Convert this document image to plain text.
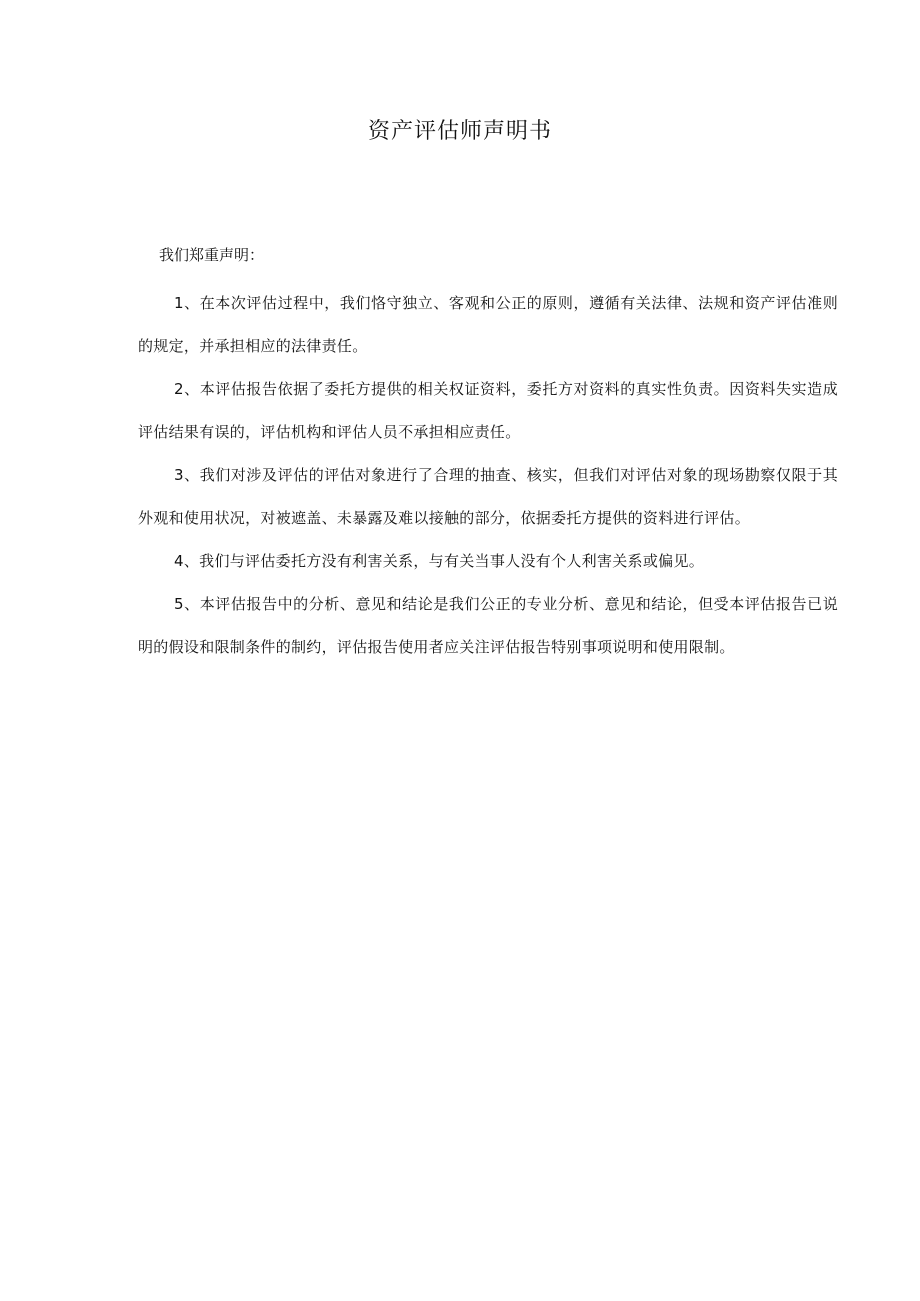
资产评估师声明书

我们郑重声明：

1、在本次评估过程中，我们恪守独立、客观和公正的原则，遵循有关法律、法规和资产评估准则的规定，并承担相应的法律责任。

2、本评估报告依据了委托方提供的相关权证资料，委托方对资料的真实性负责。因资料失实造成评估结果有误的，评估机构和评估人员不承担相应责任。

3、我们对涉及评估的评估对象进行了合理的抽查、核实，但我们对评估对象的现场勘察仅限于其外观和使用状况，对被遮盖、未暴露及难以接触的部分，依据委托方提供的资料进行评估。

4、我们与评估委托方没有利害关系，与有关当事人没有个人利害关系或偏见。

5、本评估报告中的分析、意见和结论是我们公正的专业分析、意见和结论，但受本评估报告已说明的假设和限制条件的制约，评估报告使用者应关注评估报告特别事项说明和使用限制。
